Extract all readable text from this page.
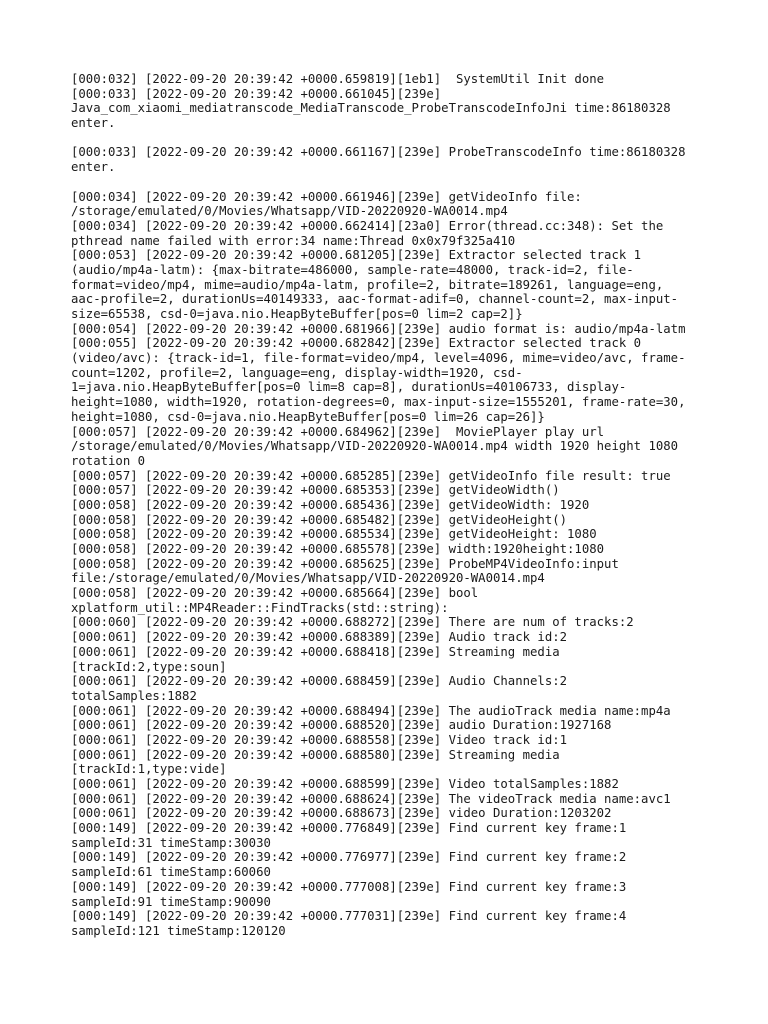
[000:032] [2022-09-20 20:39:42 +0000.659819][1eb1]  SystemUtil Init done
[000:033] [2022-09-20 20:39:42 +0000.661045][239e]
Java_com_xiaomi_mediatranscode_MediaTranscode_ProbeTranscodeInfoJni time:86180328
enter.
[000:033] [2022-09-20 20:39:42 +0000.661167][239e] ProbeTranscodeInfo time:86180328
enter.
[000:034] [2022-09-20 20:39:42 +0000.661946][239e] getVideoInfo file:
/storage/emulated/0/Movies/Whatsapp/VID-20220920-WA0014.mp4
[000:034] [2022-09-20 20:39:42 +0000.662414][23a0] Error(thread.cc:348): Set the
pthread name failed with error:34 name:Thread 0x0x79f325a410
[000:053] [2022-09-20 20:39:42 +0000.681205][239e] Extractor selected track 1
(audio/mp4a-latm): {max-bitrate=486000, sample-rate=48000, track-id=2, file-
format=video/mp4, mime=audio/mp4a-latm, profile=2, bitrate=189261, language=eng,
aac-profile=2, durationUs=40149333, aac-format-adif=0, channel-count=2, max-input-
size=65538, csd-0=java.nio.HeapByteBuffer[pos=0 lim=2 cap=2]}
[000:054] [2022-09-20 20:39:42 +0000.681966][239e] audio format is: audio/mp4a-latm
[000:055] [2022-09-20 20:39:42 +0000.682842][239e] Extractor selected track 0
(video/avc): {track-id=1, file-format=video/mp4, level=4096, mime=video/avc, frame-
count=1202, profile=2, language=eng, display-width=1920, csd-
1=java.nio.HeapByteBuffer[pos=0 lim=8 cap=8], durationUs=40106733, display-
height=1080, width=1920, rotation-degrees=0, max-input-size=1555201, frame-rate=30,
height=1080, csd-0=java.nio.HeapByteBuffer[pos=0 lim=26 cap=26]}
[000:057] [2022-09-20 20:39:42 +0000.684962][239e]  MoviePlayer play url
/storage/emulated/0/Movies/Whatsapp/VID-20220920-WA0014.mp4 width 1920 height 1080
rotation 0
[000:057] [2022-09-20 20:39:42 +0000.685285][239e] getVideoInfo file result: true
[000:057] [2022-09-20 20:39:42 +0000.685353][239e] getVideoWidth()
[000:058] [2022-09-20 20:39:42 +0000.685436][239e] getVideoWidth: 1920
[000:058] [2022-09-20 20:39:42 +0000.685482][239e] getVideoHeight()
[000:058] [2022-09-20 20:39:42 +0000.685534][239e] getVideoHeight: 1080
[000:058] [2022-09-20 20:39:42 +0000.685578][239e] width:1920height:1080
[000:058] [2022-09-20 20:39:42 +0000.685625][239e] ProbeMP4VideoInfo:input
file:/storage/emulated/0/Movies/Whatsapp/VID-20220920-WA0014.mp4
[000:058] [2022-09-20 20:39:42 +0000.685664][239e] bool
xplatform_util::MP4Reader::FindTracks(std::string):
[000:060] [2022-09-20 20:39:42 +0000.688272][239e] There are num of tracks:2
[000:061] [2022-09-20 20:39:42 +0000.688389][239e] Audio track id:2
[000:061] [2022-09-20 20:39:42 +0000.688418][239e] Streaming media
[trackId:2,type:soun]
[000:061] [2022-09-20 20:39:42 +0000.688459][239e] Audio Channels:2
totalSamples:1882
[000:061] [2022-09-20 20:39:42 +0000.688494][239e] The audioTrack media name:mp4a
[000:061] [2022-09-20 20:39:42 +0000.688520][239e] audio Duration:1927168
[000:061] [2022-09-20 20:39:42 +0000.688558][239e] Video track id:1
[000:061] [2022-09-20 20:39:42 +0000.688580][239e] Streaming media
[trackId:1,type:vide]
[000:061] [2022-09-20 20:39:42 +0000.688599][239e] Video totalSamples:1882
[000:061] [2022-09-20 20:39:42 +0000.688624][239e] The videoTrack media name:avc1
[000:061] [2022-09-20 20:39:42 +0000.688673][239e] video Duration:1203202
[000:149] [2022-09-20 20:39:42 +0000.776849][239e] Find current key frame:1
sampleId:31 timeStamp:30030
[000:149] [2022-09-20 20:39:42 +0000.776977][239e] Find current key frame:2
sampleId:61 timeStamp:60060
[000:149] [2022-09-20 20:39:42 +0000.777008][239e] Find current key frame:3
sampleId:91 timeStamp:90090
[000:149] [2022-09-20 20:39:42 +0000.777031][239e] Find current key frame:4
sampleId:121 timeStamp:120120
